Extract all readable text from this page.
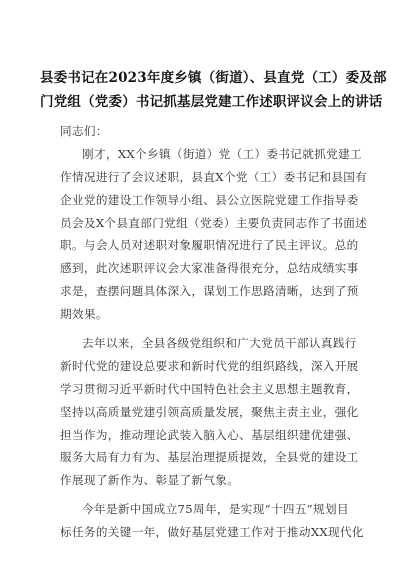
县委书记在2023年度乡镇（街道）、县直党（工）委及部
门党组（党委）书记抓基层党建工作述职评议会上的讲话
同志们：
刚才，XX个乡镇（街道）党（工）委书记就抓党建工
作情况进行了会议述职，县直X个党（工）委书记和县国有
企业党的建设工作领导小组、县公立医院党建工作指导委
员会及X个县直部门党组（党委）主要负责同志作了书面述
职。与会人员对述职对象履职情况进行了民主评议。总的
感到，此次述职评议会大家准备得很充分，总结成绩实事
求是，查摆问题具体深入，谋划工作思路清晰，达到了预
期效果。
去年以来，全县各级党组织和广大党员干部认真践行
新时代党的建设总要求和新时代党的组织路线，深入开展
学习贯彻习近平新时代中国特色社会主义思想主题教育，
坚持以高质量党建引领高质量发展，聚焦主责主业，强化
担当作为，推动理论武装入脑入心、基层组织建优建强、
服务大局有力有为、基层治理提质提效，全县党的建设工
作展现了新作为、彰显了新气象。
今年是新中国成立75周年，是实现“十四五”规划目
标任务的关键一年，做好基层党建工作对于推动XX现代化
